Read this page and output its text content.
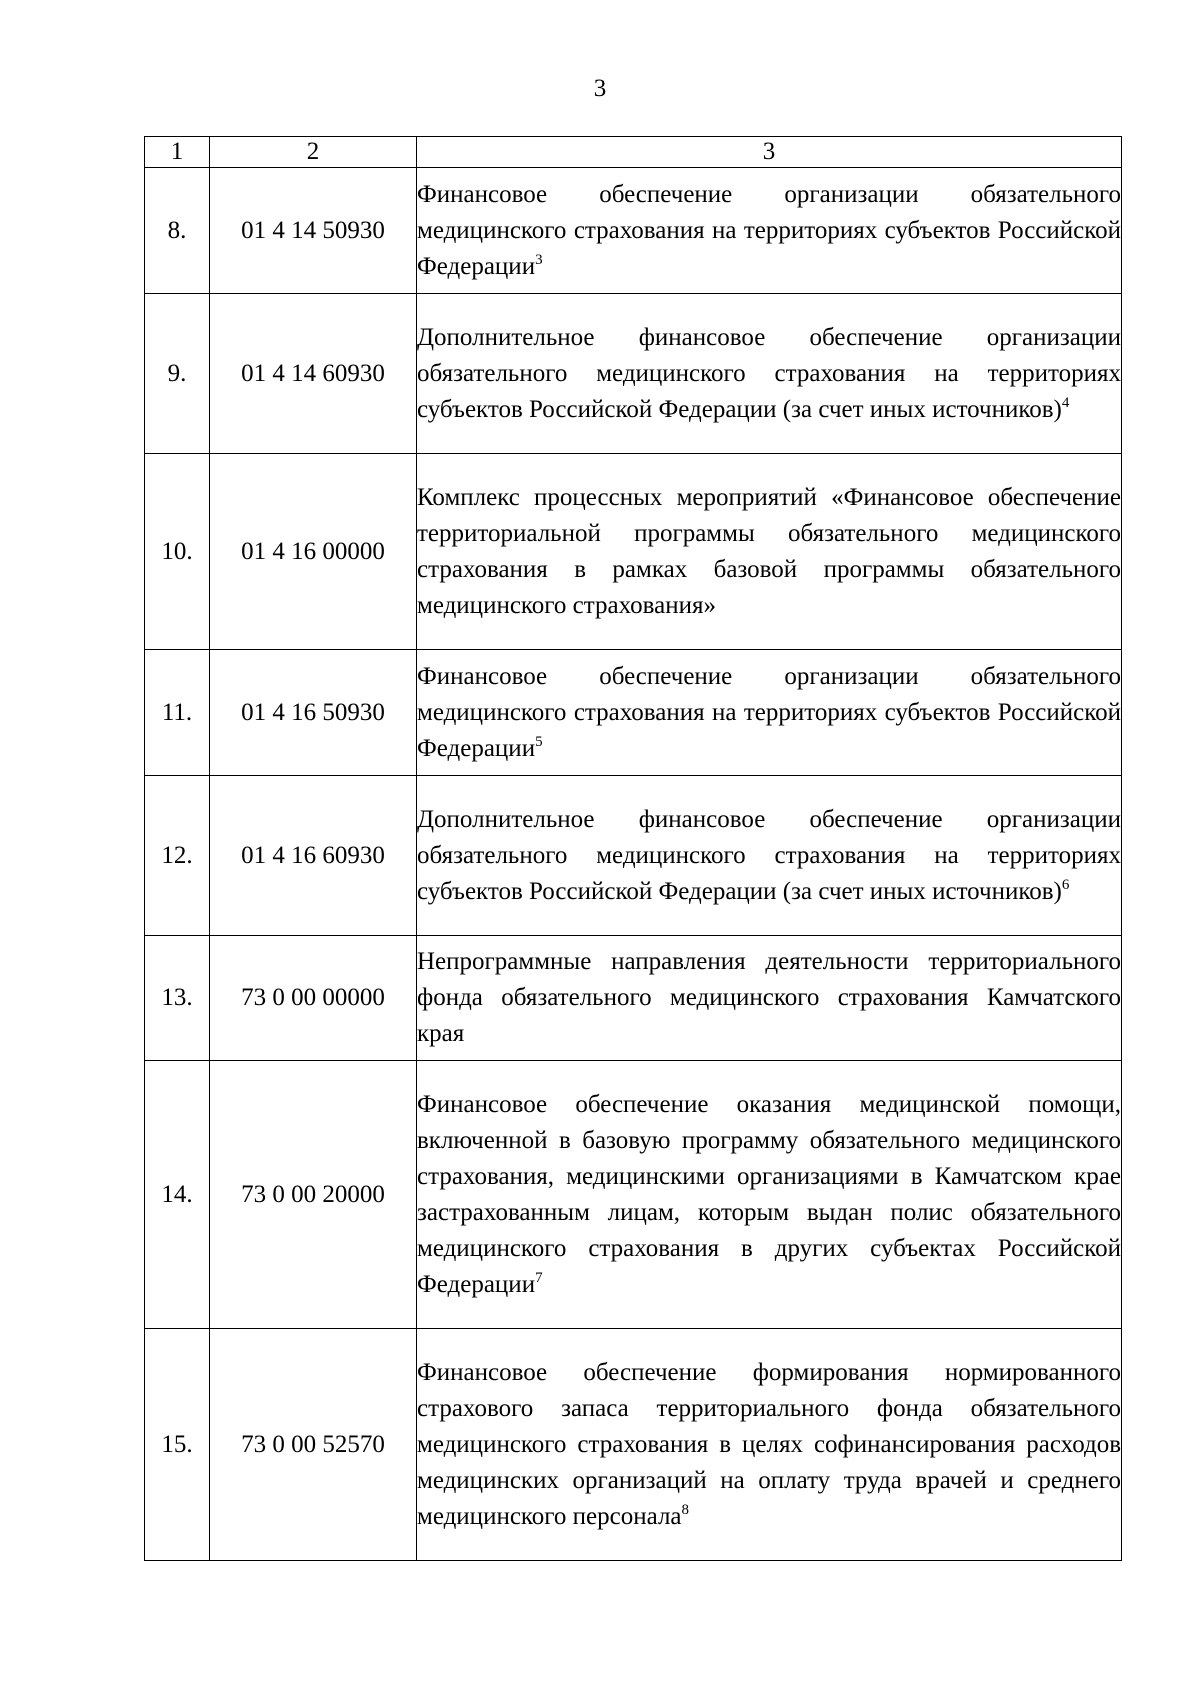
3
1	2	3
8.	01 4 14 50930	Финансовое обеспечение организации обязательного медицинского страхования на территориях субъектов Российской Федерации$^3$
9.	01 4 14 60930	Дополнительное финансовое обеспечение организации обязательного медицинского страхования на территориях субъектов Российской Федерации (за счет иных источников)$^4$
10.	01 4 16 00000	Комплекс процессных мероприятий «Финансовое обеспечение территориальной программы обязательного медицинского страхования в рамках базовой программы обязательного медицинского страхования»
11.	01 4 16 50930	Финансовое обеспечение организации обязательного медицинского страхования на территориях субъектов Российской Федерации$^5$
12.	01 4 16 60930	Дополнительное финансовое обеспечение организации обязательного медицинского страхования на территориях субъектов Российской Федерации (за счет иных источников)$^6$
13.	73 0 00 00000	Непрограммные направления деятельности территориального фонда обязательного медицинского страхования Камчатского края
14.	73 0 00 20000	Финансовое обеспечение оказания медицинской помощи, включенной в базовую программу обязательного медицинского страхования, медицинскими организациями в Камчатском крае застрахованным лицам, которым выдан полис обязательного медицинского страхования в других субъектах Российской Федерации$^7$
15.	73 0 00 52570	Финансовое обеспечение формирования нормированного страхового запаса территориального фонда обязательного медицинского страхования в целях софинансирования расходов медицинских организаций на оплату труда врачей и среднего медицинского персонала$^8$
